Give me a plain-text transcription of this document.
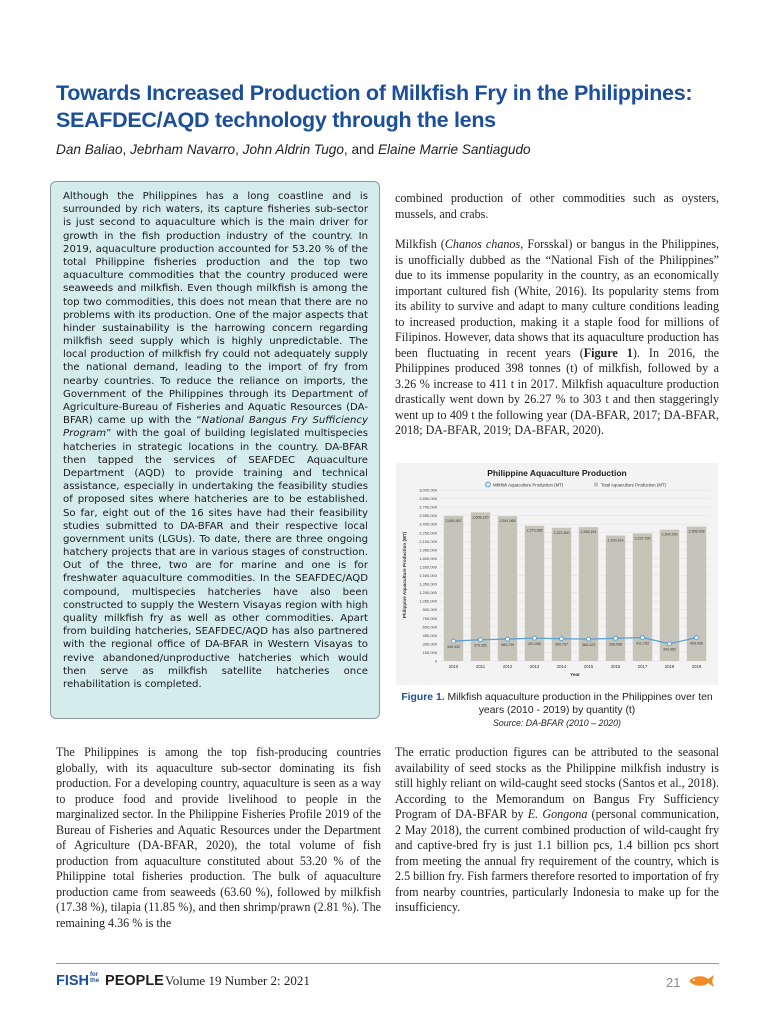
Towards Increased Production of Milkfish Fry in the Philippines:
SEAFDEC/AQD technology through the lens
Dan Baliao, Jebrham Navarro, John Aldrin Tugo, and Elaine Marrie Santiagudo

Although the Philippines has a long coastline and is surrounded by rich waters, its capture fisheries sub-sector is just second to aquaculture which is the main driver for growth in the fish production industry of the country. In 2019, aquaculture production accounted for 53.20 % of the total Philippine fisheries production and the top two aquaculture commodities that the country produced were seaweeds and milkfish. Even though milkfish is among the top two commodities, this does not mean that there are no problems with its production. One of the major aspects that hinder sustainability is the harrowing concern regarding milkfish seed supply which is highly unpredictable. The local production of milkfish fry could not adequately supply the national demand, leading to the import of fry from nearby countries. To reduce the reliance on imports, the Government of the Philippines through its Department of Agriculture-Bureau of Fisheries and Aquatic Resources (DA-BFAR) came up with the “National Bangus Fry Sufficiency Program” with the goal of building legislated multispecies hatcheries in strategic locations in the country. DA-BFAR then tapped the services of SEAFDEC Aquaculture Department (AQD) to provide training and technical assistance, especially in undertaking the feasibility studies of proposed sites where hatcheries are to be established. So far, eight out of the 16 sites have had their feasibility studies submitted to DA-BFAR and their respective local government units (LGUs). To date, there are three ongoing hatchery projects that are in various stages of construction. Out of the three, two are for marine and one is for freshwater aquaculture commodities. In the SEAFDEC/AQD compound, multispecies hatcheries have also been constructed to supply the Western Visayas region with high quality milkfish fry as well as other commodities. Apart from building hatcheries, SEAFDEC/AQD has also partnered with the regional office of DA-BFAR in Western Visayas to revive abandoned/unproductive hatcheries which would then serve as milkfish satellite hatcheries once rehabilitation is completed.

The Philippines is among the top fish-producing countries globally, with its aquaculture sub-sector dominating its fish production. For a developing country, aquaculture is seen as a way to produce food and provide livelihood to people in the marginalized sector. In the Philippine Fisheries Profile 2019 of the Bureau of Fisheries and Aquatic Resources under the Department of Agriculture (DA-BFAR, 2020), the total volume of fish production from aquaculture constituted about 53.20 % of the Philippine total fisheries production. The bulk of aquaculture production came from seaweeds (63.60 %), followed by milkfish (17.38 %), tilapia (11.85 %), and then shrimp/prawn (2.81 %). The remaining 4.36 % is the

combined production of other commodities such as oysters, mussels, and crabs.

Milkfish (Chanos chanos, Forsskal) or bangus in the Philippines, is unofficially dubbed as the “National Fish of the Philippines” due to its immense popularity in the country, as an economically important cultured fish (White, 2016). Its popularity stems from its ability to survive and adapt to many culture conditions leading to increased production, making it a staple food for millions of Filipinos. However, data shows that its aquaculture production has been fluctuating in recent years (Figure 1). In 2016, the Philippines produced 398 tonnes (t) of milkfish, followed by a 3.26 % increase to 411 t in 2017. Milkfish aquaculture production drastically went down by 26.27 % to 303 t and then staggeringly went up to 409 t the following year (DA-BFAR, 2017; DA-BFAR, 2018; DA-BFAR, 2019; DA-BFAR, 2020).

Philippine Aquaculture Production
Milkfish Aquaculture Production (MT)	Total Aquaculture Production (MT)
0
150,000
300,000
450,000
600,000
750,000
900,000
1,050,000
1,200,000
1,350,000
1,500,000
1,650,000
1,800,000
1,950,000
2,100,000
2,250,000
2,400,000
2,550,000
2,700,000
2,850,000
3,000,000
Philippine Aquaculture Production (MT)
2,545,967
2,608,120
2,541,965
2,373,386
2,337,600	2,348,161
2,200,914
2,237,790
2,304,290
2,358,208
349,432	373,362	384,739	401,080	390,737	384,423	398,088	411,153
303,052
409,906
2010	2011	2012	2013	2014	2015	2016	2017	2018	2019
Year
Figure 1. Milkfish aquaculture production in the Philippines over ten years (2010 - 2019) by quantity (t)
Source: DA-BFAR (2010 – 2020)

The erratic production figures can be attributed to the seasonal availability of seed stocks as the Philippine milkfish industry is still highly reliant on wild-caught seed stocks (Santos et al., 2018). According to the Memorandum on Bangus Fry Sufficiency Program of DA-BFAR by E. Gongona (personal communication, 2 May 2018), the current combined production of wild-caught fry and captive-bred fry is just 1.1 billion pcs, 1.4 billion pcs short from meeting the annual fry requirement of the country, which is 2.5 billion fry. Fish farmers therefore resorted to importation of fry from nearby countries, particularly Indonesia to make up for the insufficiency.

FISHfor the PEOPLE Volume 19 Number 2: 2021	21
